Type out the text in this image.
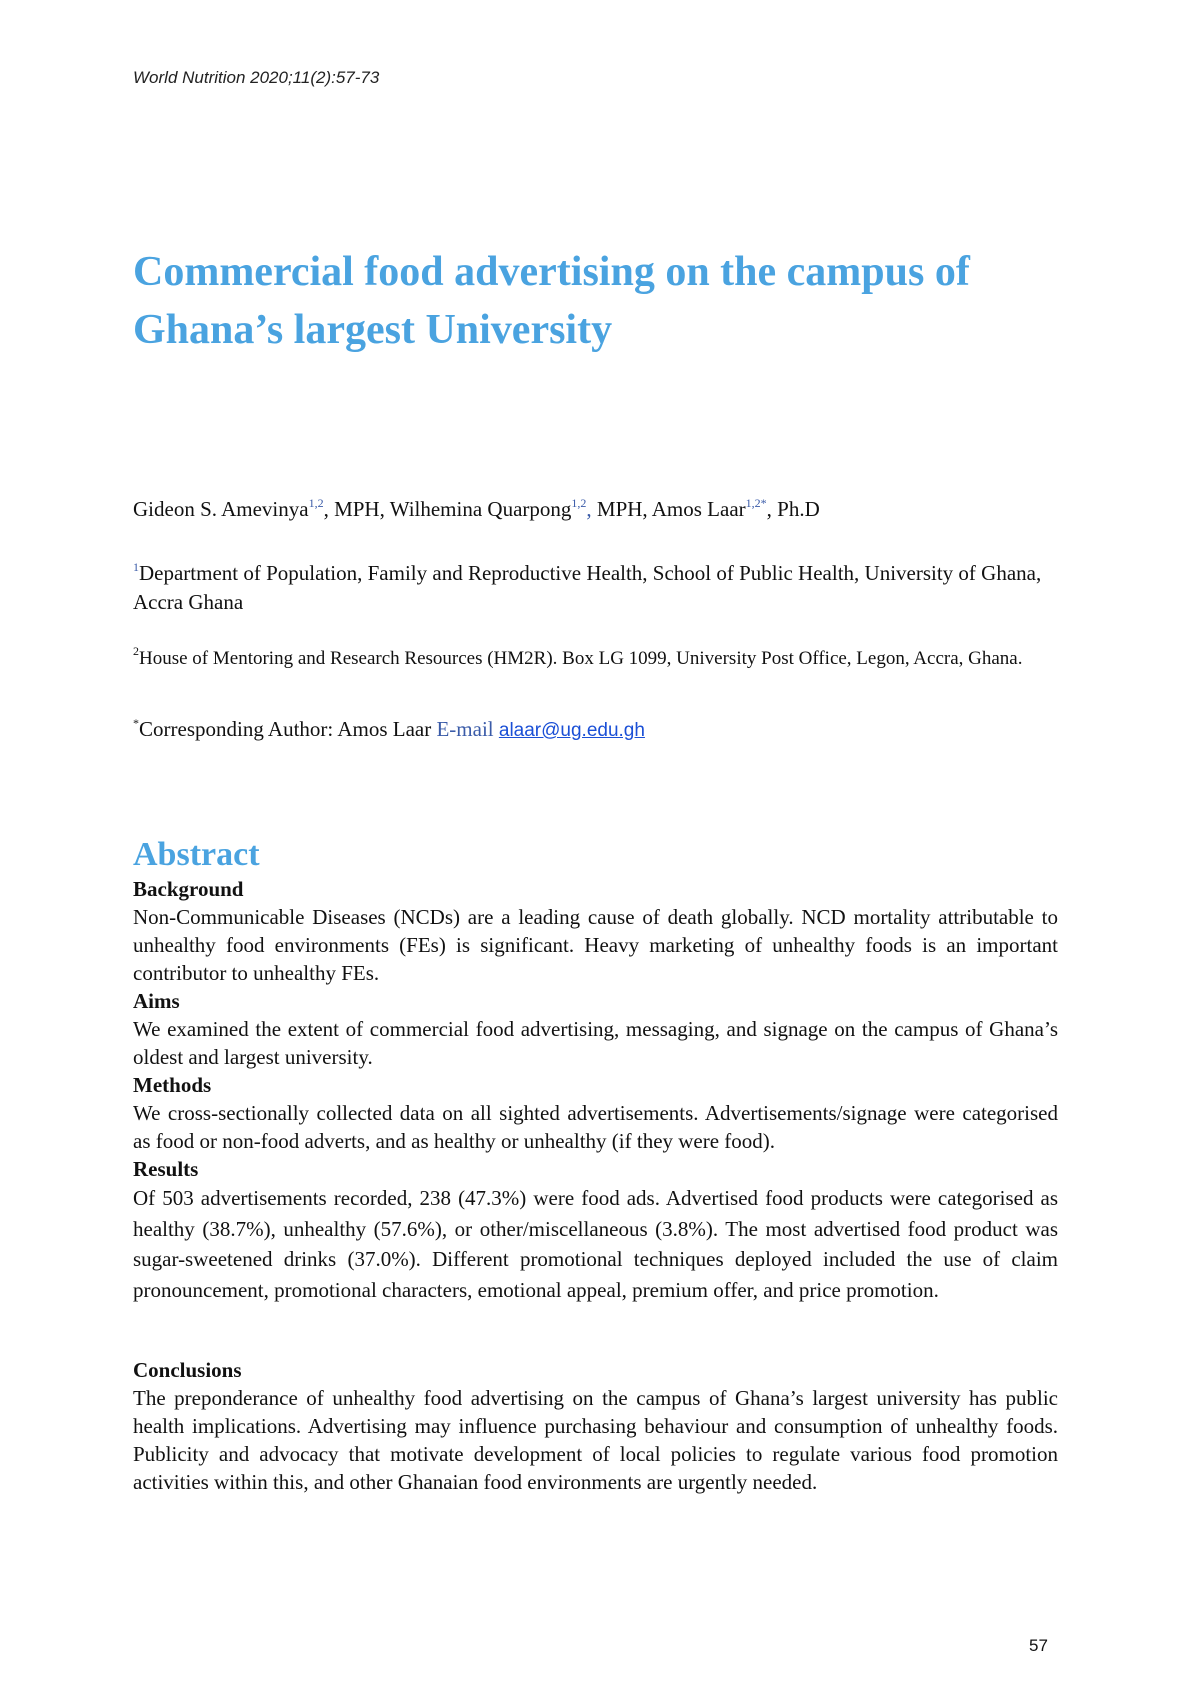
World Nutrition 2020;11(2):57-73
Commercial food advertising on the campus of Ghana’s largest University
Gideon S. Amevinya$^{1,2}$, MPH, Wilhemina Quarpong$^{1,2}$, MPH, Amos Laar$^{1,2*}$, Ph.D
$^1$Department of Population, Family and Reproductive Health, School of Public Health, University of Ghana, Accra Ghana
$^2$House of Mentoring and Research Resources (HM2R). Box LG 1099, University Post Office, Legon, Accra, Ghana.
*Corresponding Author: Amos Laar E-mail alaar@ug.edu.gh
Abstract
Background

Non-Communicable Diseases (NCDs) are a leading cause of death globally. NCD mortality attributable to unhealthy food environments (FEs) is significant. Heavy marketing of unhealthy foods is an important contributor to unhealthy FEs.

Aims

We examined the extent of commercial food advertising, messaging, and signage on the campus of Ghana’s oldest and largest university.

Methods

We cross-sectionally collected data on all sighted advertisements. Advertisements/signage were categorised as food or non-food adverts, and as healthy or unhealthy (if they were food).

Results

Of 503 advertisements recorded, 238 (47.3%) were food ads. Advertised food products were categorised as healthy (38.7%), unhealthy (57.6%), or other/miscellaneous (3.8%). The most advertised food product was sugar-sweetened drinks (37.0%). Different promotional techniques deployed included the use of claim pronouncement, promotional characters, emotional appeal, premium offer, and price promotion.

Conclusions

The preponderance of unhealthy food advertising on the campus of Ghana’s largest university has public health implications. Advertising may influence purchasing behaviour and consumption of unhealthy foods. Publicity and advocacy that motivate development of local policies to regulate various food promotion activities within this, and other Ghanaian food environments are urgently needed.

57
